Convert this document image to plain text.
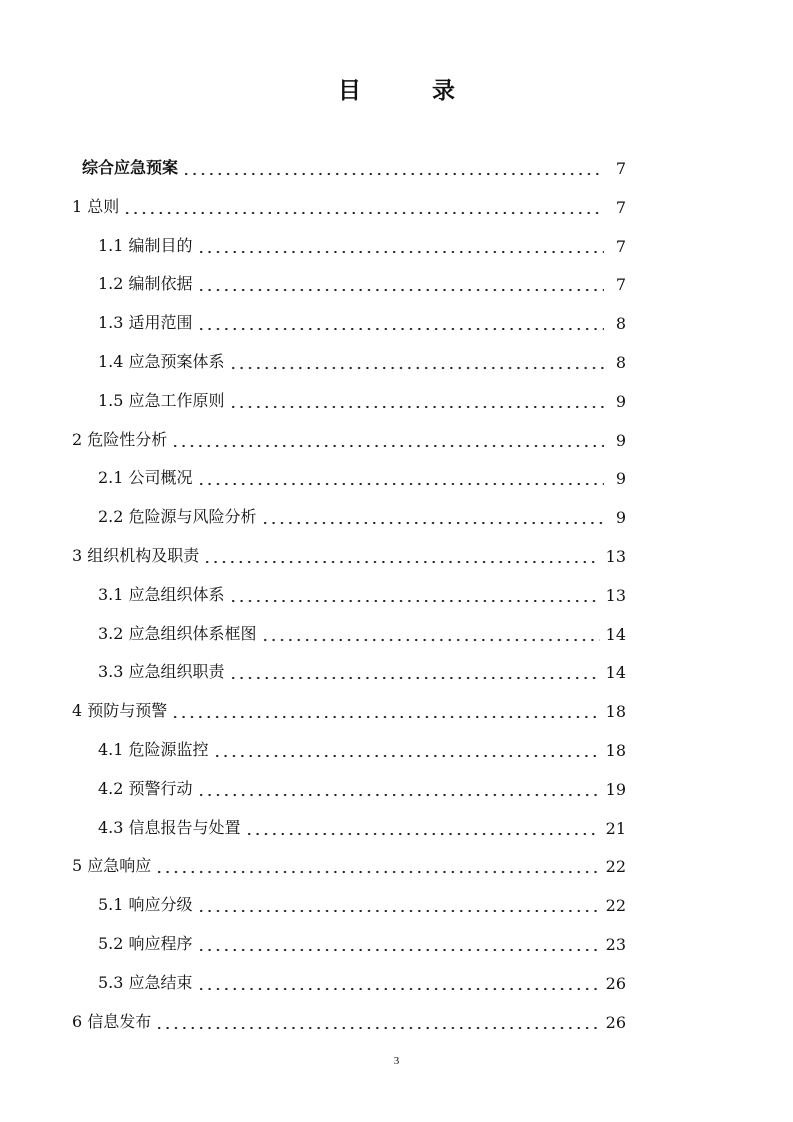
目　录
综合应急预案	7
1 总则	7
1.1 编制目的	7
1.2 编制依据	7
1.3 适用范围	8
1.4 应急预案体系	8
1.5 应急工作原则	9
2 危险性分析	9
2.1 公司概况	9
2.2 危险源与风险分析	9
3 组织机构及职责	13
3.1 应急组织体系	13
3.2 应急组织体系框图	14
3.3 应急组织职责	14
4 预防与预警	18
4.1 危险源监控	18
4.2 预警行动	19
4.3 信息报告与处置	21
5 应急响应	22
5.1 响应分级	22
5.2 响应程序	23
5.3 应急结束	26
6 信息发布	26
3
